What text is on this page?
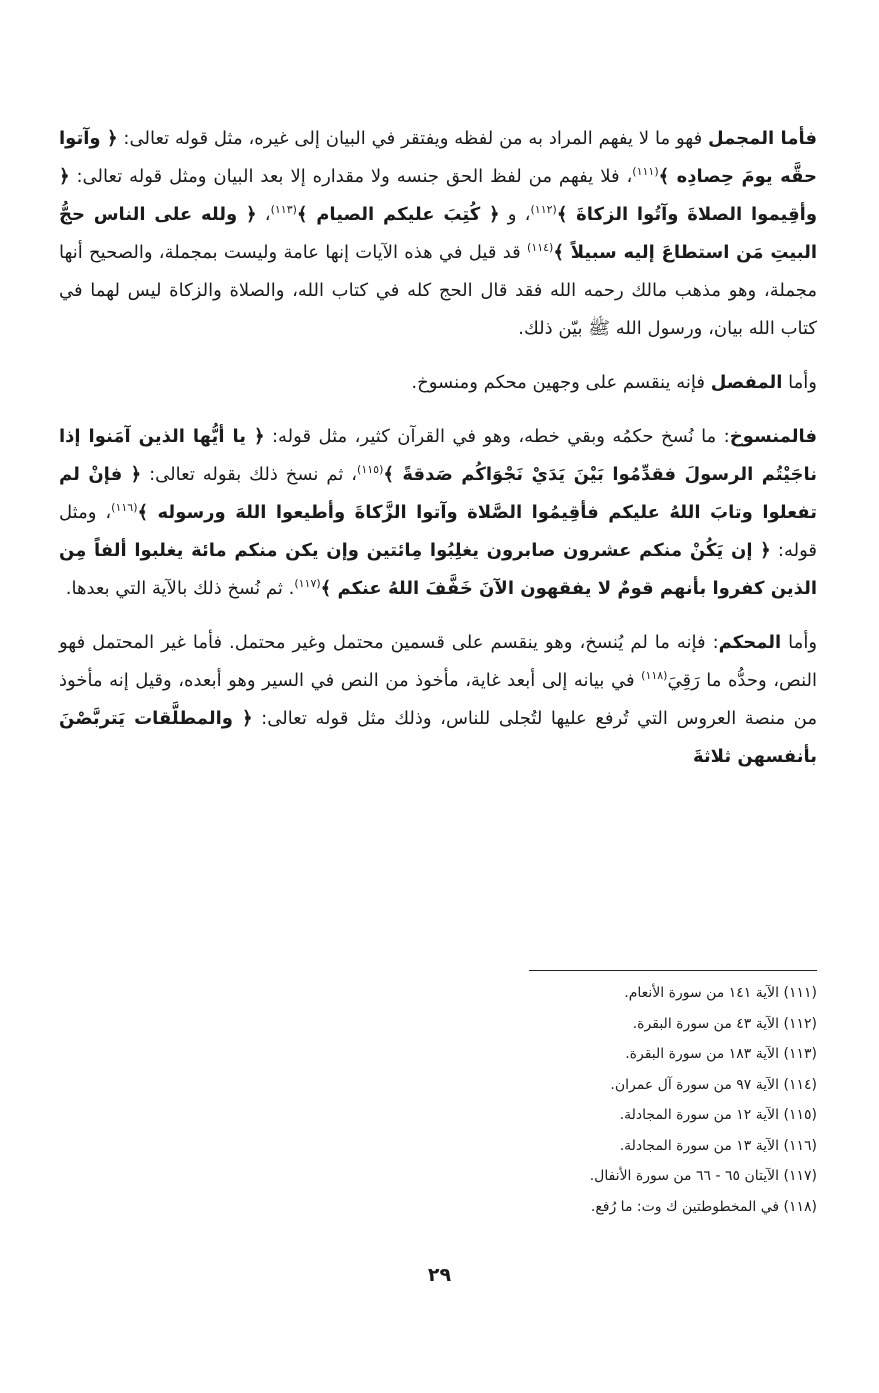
فأما المجمل فهو ما لا يفهم المراد به من لفظه ويفتقر في البيان إلى غيره، مثل قوله تعالى: ﴿ وآتوا حقَّه يومَ حِصادِه ﴾$^{(١١١)}$، فلا يفهم من لفظ الحق جنسه ولا مقداره إلا بعد البيان ومثل قوله تعالى: ﴿ وأقِيموا الصلاةَ وآتُوا الزكاةَ ﴾$^{(١١٢)}$، و ﴿ كُتِبَ عليكم الصيام ﴾$^{(١١٣)}$، ﴿ ولله على الناس حجُّ البيتِ مَن استطاعَ إليه سبيلاً ﴾$^{(١١٤)}$ قد قيل في هذه الآيات إنها عامة وليست بمجملة، والصحيح أنها مجملة، وهو مذهب مالك رحمه الله فقد قال الحج كله في كتاب الله، والصلاة والزكاة ليس لهما في كتاب الله بيان، ورسول الله ﷺ بيّن ذلك.

وأما المفصل فإنه ينقسم على وجهين محكم ومنسوخ.

فالمنسوخ: ما نُسخ حكمُه وبقي خطه، وهو في القرآن كثير، مثل قوله: ﴿ يا أيُّها الذين آمَنوا إذا ناجَيْتُم الرسولَ فقدِّمُوا بَيْنَ يَدَيْ نَجْوَاكُم صَدقةً ﴾$^{(١١٥)}$، ثم نسخ ذلك بقوله تعالى: ﴿ فإنْ لم تفعلوا وتابَ اللهُ عليكم فأقِيمُوا الصَّلاة وآتوا الزَّكاةَ وأطيعوا اللهَ ورسوله ﴾$^{(١١٦)}$، ومثل قوله: ﴿ إن يَكُنْ منكم عشرون صابرون يغلِبُوا مِائتين وإن يكن منكم مائة يغلبوا ألفاً مِن الذين كفروا بأنهم قومٌ لا يفقهون الآنَ خَفَّفَ اللهُ عنكم ﴾$^{(١١٧)}$. ثم نُسخ ذلك بالآية التي بعدها.

وأما المحكم: فإنه ما لم يُنسخ، وهو ينقسم على قسمين محتمل وغير محتمل. فأما غير المحتمل فهو النص، وحدُّه ما رَقِيَ$^{(١١٨)}$ في بيانه إلى أبعد غاية، مأخوذ من النص في السير وهو أبعده، وقيل إنه مأخوذ من منصة العروس التي تُرفع عليها لتُجلى للناس، وذلك مثل قوله تعالى: ﴿ والمطلَّقات يَتربَّصْنَ بأنفسهن ثلاثةَ

(١١١) الآية ١٤١ من سورة الأنعام.
(١١٢) الآية ٤٣ من سورة البقرة.
(١١٣) الآية ١٨٣ من سورة البقرة.
(١١٤) الآية ٩٧ من سورة آل عمران.
(١١٥) الآية ١٢ من سورة المجادلة.
(١١٦) الآية ١٣ من سورة المجادلة.
(١١٧) الآيتان ٦٥ - ٦٦ من سورة الأنفال.
(١١٨) في المخطوطتين ك وت: ما رُفع.
٢٩
